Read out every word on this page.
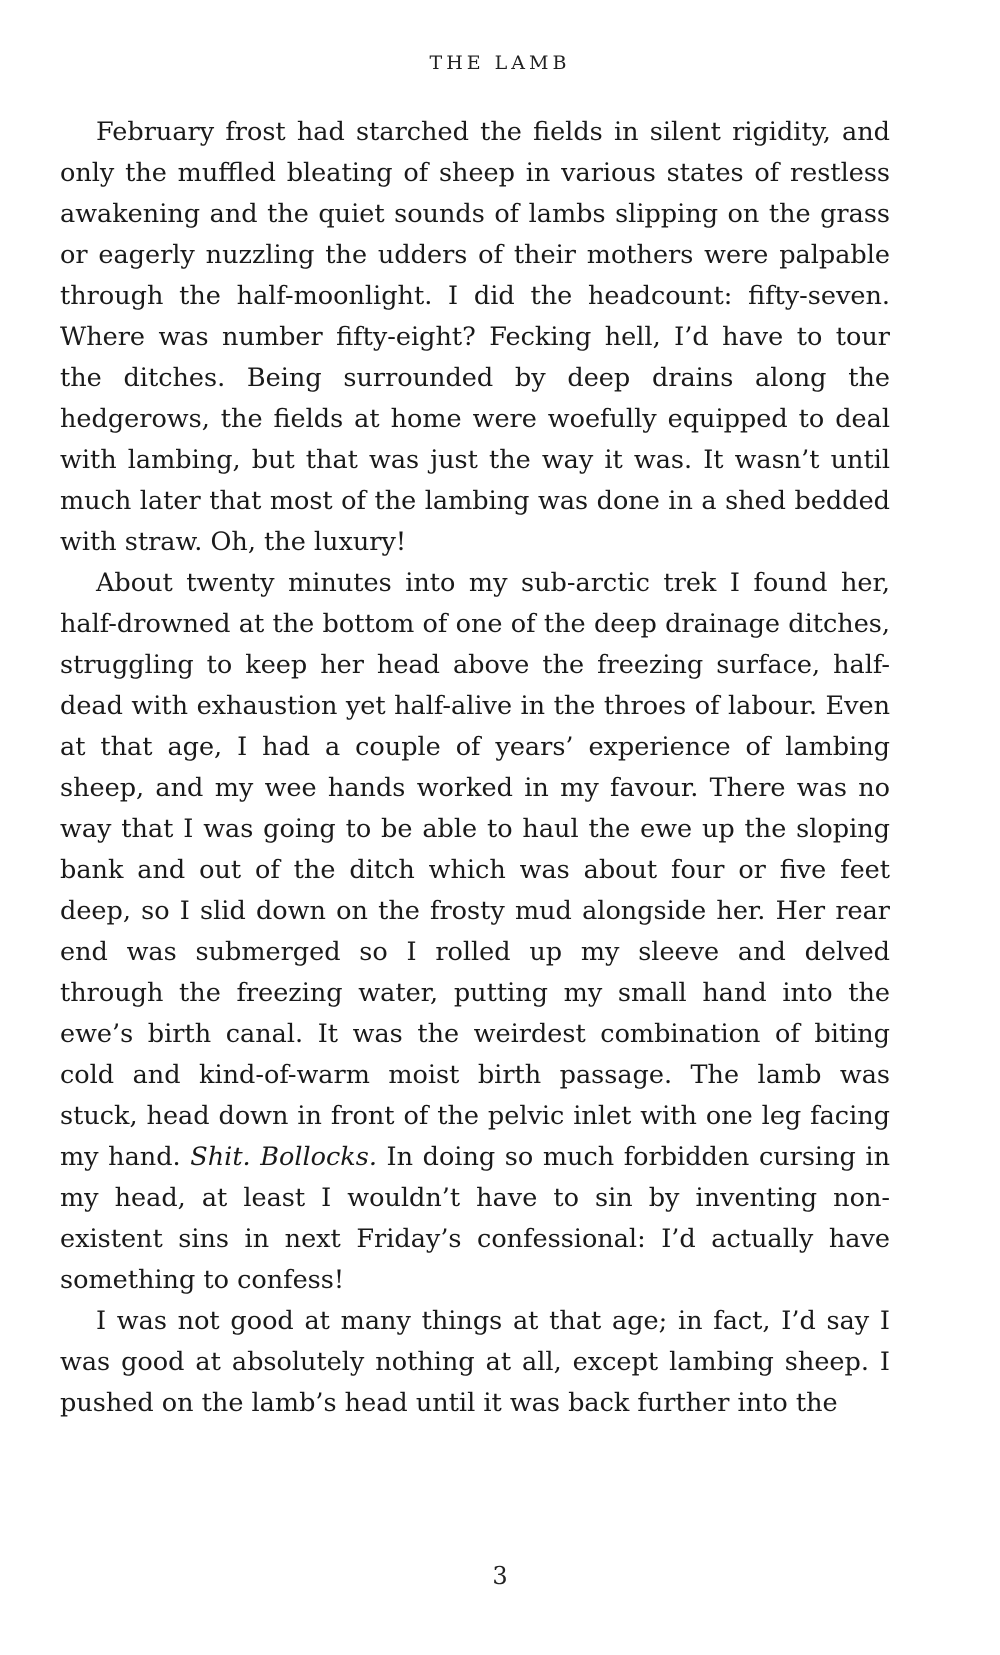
THE LAMB

February frost had starched the fields in silent rigidity, and only the muffled bleating of sheep in various states of restless awakening and the quiet sounds of lambs slipping on the grass or eagerly nuzzling the udders of their mothers were palpable through the half-moonlight. I did the headcount: fifty-seven. Where was number fifty-eight? Fecking hell, I’d have to tour the ditches. Being surrounded by deep drains along the hedgerows, the fields at home were woefully equipped to deal with lambing, but that was just the way it was. It wasn’t until much later that most of the lambing was done in a shed bedded with straw. Oh, the luxury!

About twenty minutes into my sub-arctic trek I found her, half-drowned at the bottom of one of the deep drainage ditches, struggling to keep her head above the freezing surface, half-dead with exhaustion yet half-alive in the throes of labour. Even at that age, I had a couple of years’ experience of lambing sheep, and my wee hands worked in my favour. There was no way that I was going to be able to haul the ewe up the sloping bank and out of the ditch which was about four or five feet deep, so I slid down on the frosty mud alongside her. Her rear end was submerged so I rolled up my sleeve and delved through the freezing water, putting my small hand into the ewe’s birth canal. It was the weirdest combination of biting cold and kind-of-warm moist birth passage. The lamb was stuck, head down in front of the pelvic inlet with one leg facing my hand. Shit. Bollocks. In doing so much forbidden cursing in my head, at least I wouldn’t have to sin by inventing non-existent sins in next Friday’s confessional: I’d actually have something to confess!

I was not good at many things at that age; in fact, I’d say I was good at absolutely nothing at all, except lambing sheep. I pushed on the lamb’s head until it was back further into the

3
